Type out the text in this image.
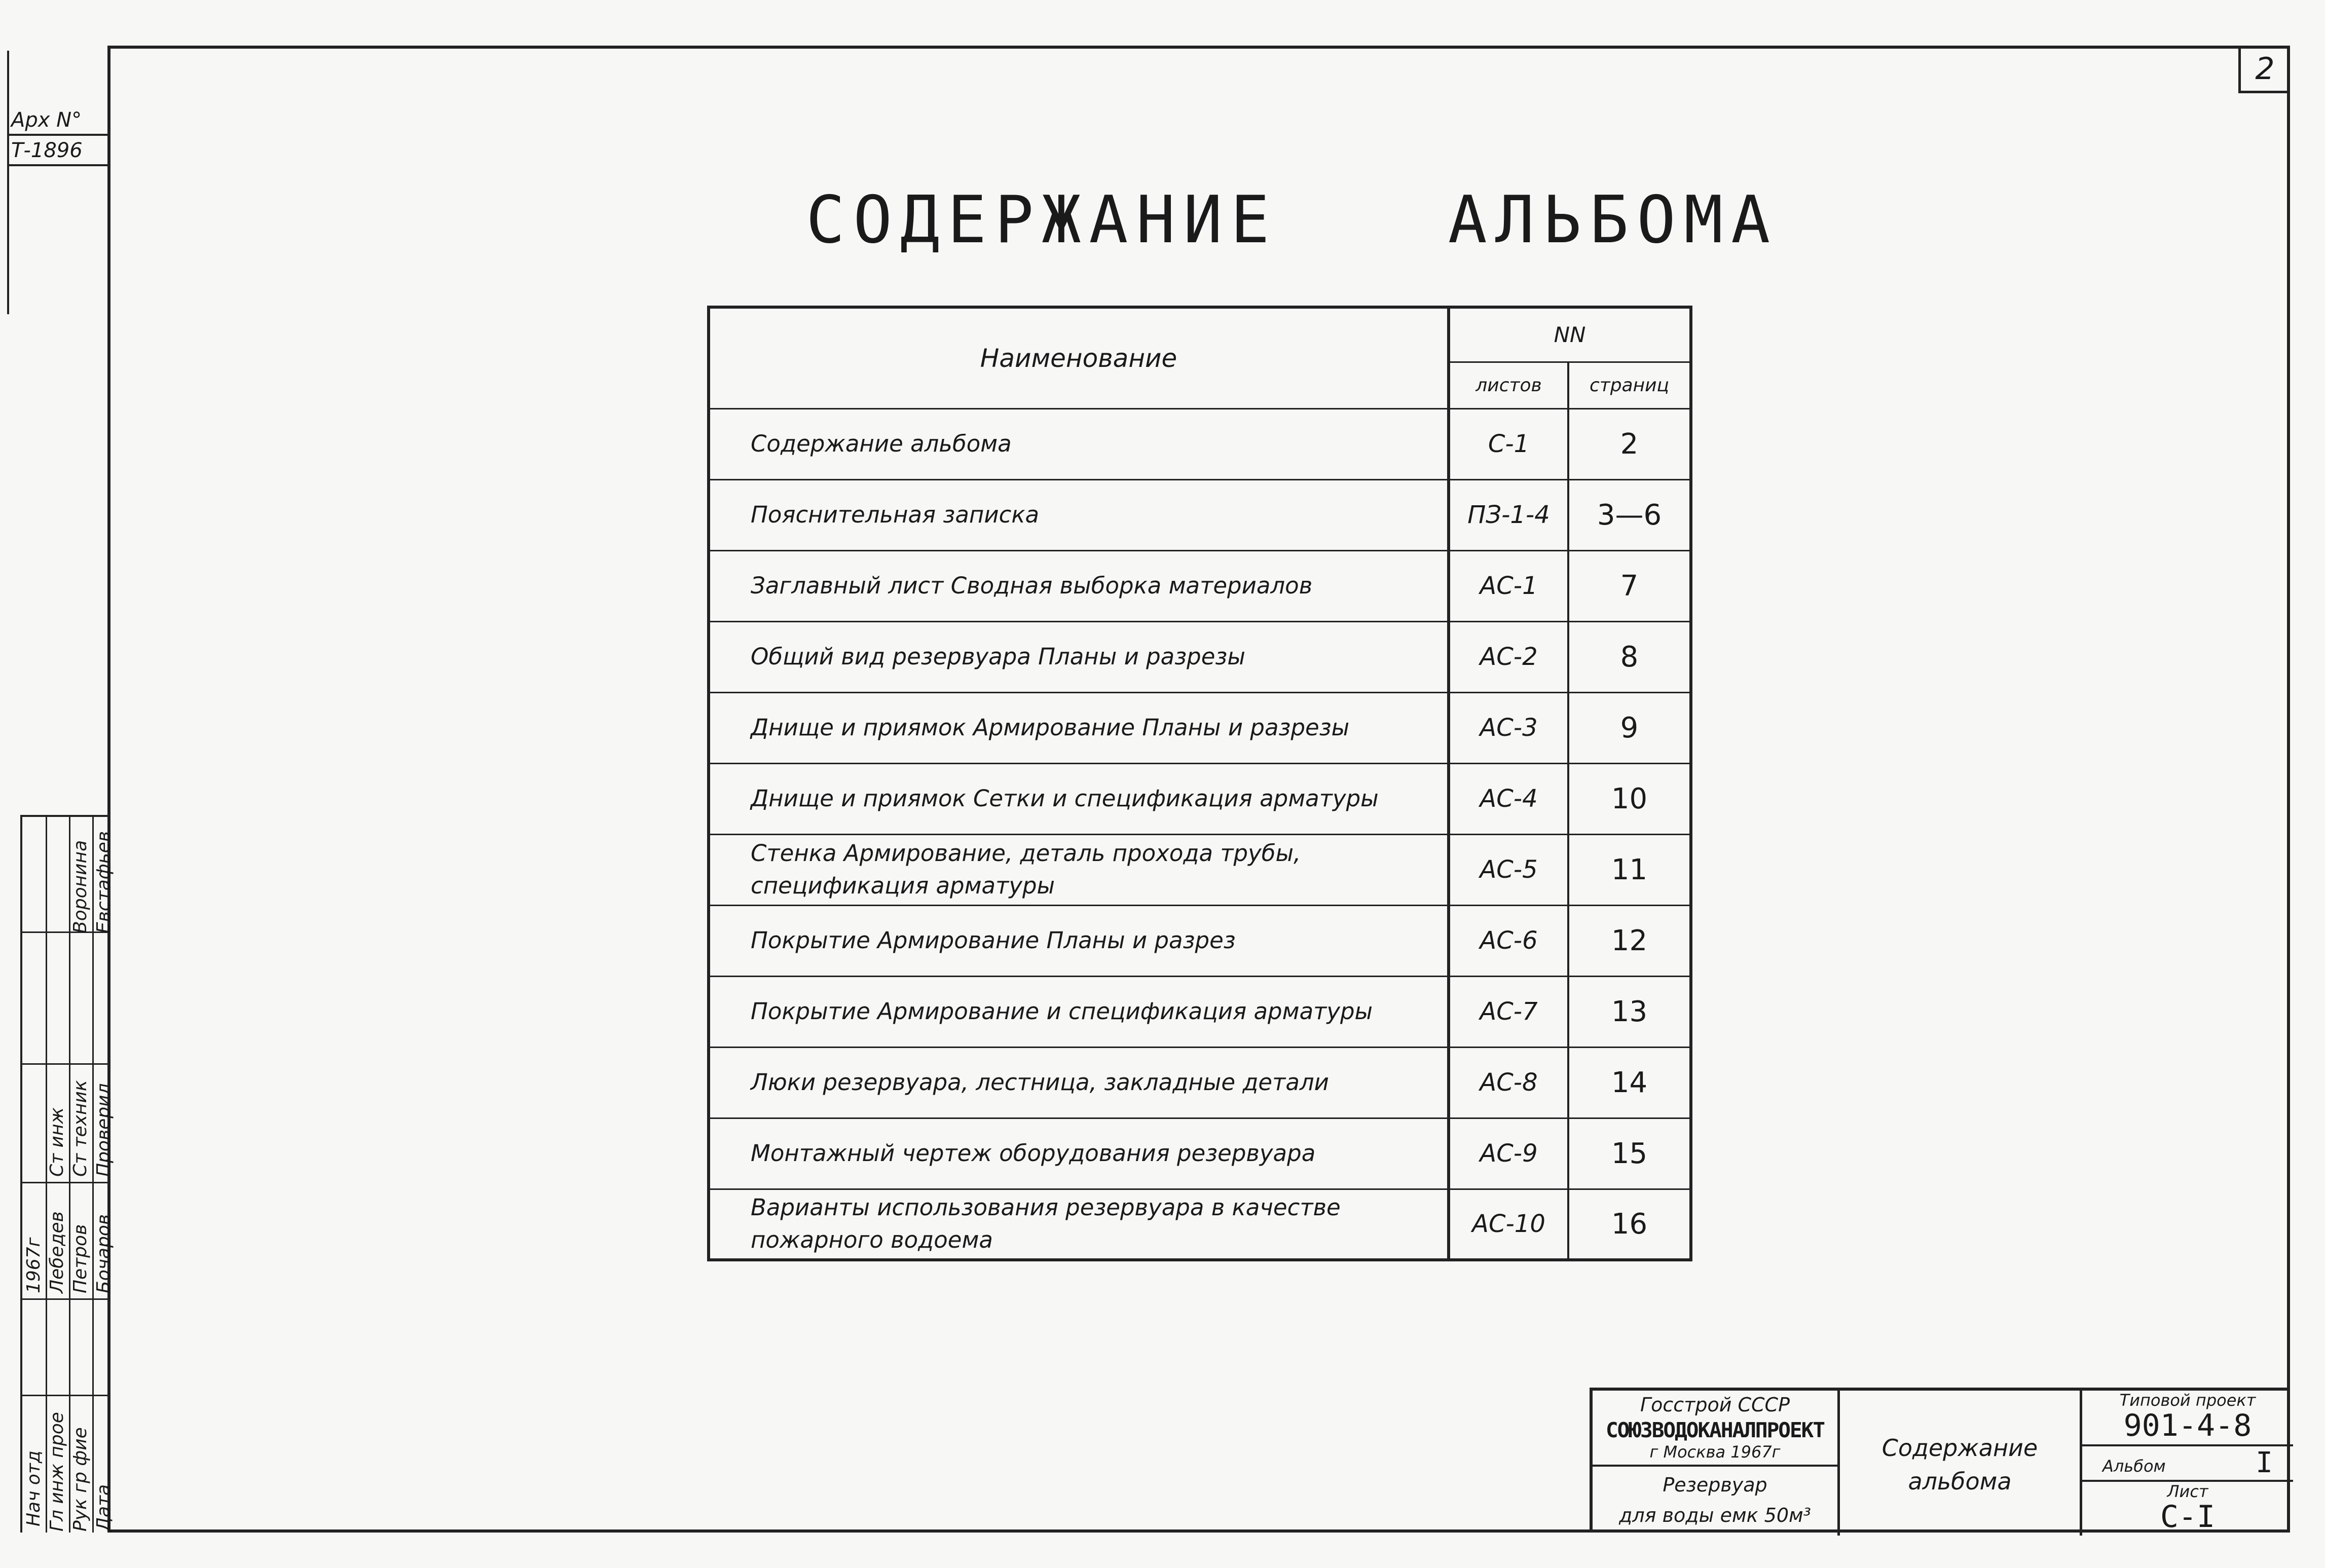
2
Арх N°
Т-1896
СОДЕРЖАНИЕ	АЛЬБОМА
Наименование	NN	
	листов	страниц
Содержание альбома	С-1	2
Пояснительная записка	ПЗ-1-4	3—6
Заглавный лист Сводная выборка материалов	АС-1	7
Общий вид резервуара Планы и разрезы	АС-2	8
Днище и приямок Армирование Планы и разрезы	АС-3	9
Днище и приямок Сетки и спецификация арматуры	АС-4	10
Стенка Армирование, деталь прохода трубы, спецификация арматуры	АС-5	11
Покрытие Армирование Планы и разрез	АС-6	12
Покрытие Армирование и спецификация арматуры	АС-7	13
Люки резервуара, лестница, закладные детали	АС-8	14
Монтажный чертеж оборудования резервуара	АС-9	15
Варианты использования резервуара в качестве пожарного водоема	АС-10	16
Нач отд Гл инж прое Рук гр фие Дата
Лебедев Петров Бочаров
1967г
Ст инж Ст техник Проверил
Воронина Евстафьев
Госстрой СССР
СОЮЗВОДОКАНАЛПРОЕКТ
г Москва 1967г
Резервуар
для воды емк 50м³
Содержание
альбома
Типовой проект
901-4-8
Альбом	I
Лист
С-I
